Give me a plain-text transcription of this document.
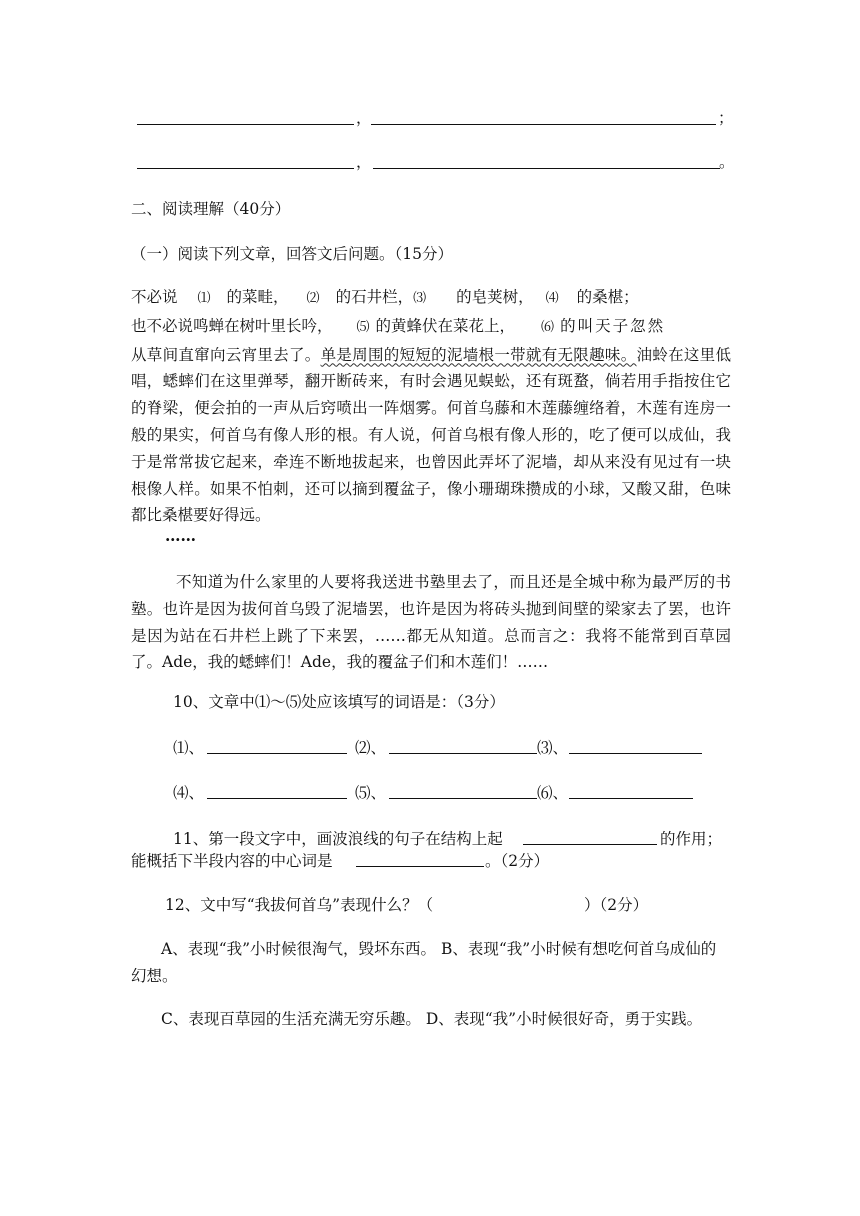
，	；
，	。
二、阅读理解（40分）
（一）阅读下列文章，回答文后问题。（15分）

不必说 ⑴ 的菜畦， ⑵ 的石井栏，⑶ 的皂荚树， ⑷ 的桑椹；

也不必说鸣蝉在树叶里长吟， ⑸ 的黄蜂伏在菜花上， ⑹ 的叫天子忽然

从草间直窜向云宵里去了。单是周围的短短的泥墙根一带就有无限趣味。油蛉在这里低唱，蟋蟀们在这里弹琴，翻开断砖来，有时会遇见蜈蚣，还有斑蝥，倘若用手指按住它的脊梁，便会拍的一声从后窍喷出一阵烟雾。何首乌藤和木莲藤缠络着，木莲有连房一般的果实，何首乌有像人形的根。有人说，何首乌根有像人形的，吃了便可以成仙，我于是常常拔它起来，牵连不断地拔起来，也曾因此弄坏了泥墙，却从来没有见过有一块根像人样。如果不怕刺，还可以摘到覆盆子，像小珊瑚珠攒成的小球，又酸又甜，色味都比桑椹要好得远。

……
不知道为什么家里的人要将我送进书塾里去了，而且还是全城中称为最严厉的书塾。也许是因为拔何首乌毁了泥墙罢，也许是因为将砖头抛到间壁的梁家去了罢，也许是因为站在石井栏上跳了下来罢，……都无从知道。总而言之：我将不能常到百草园了。Ade，我的蟋蟀们！Ade，我的覆盆子们和木莲们！……
10、文章中⑴～⑸处应该填写的词语是：（3分）
⑴、	⑵、	⑶、
⑷、	⑸、	⑹、
11、第一段文字中，画波浪线的句子在结构上起	的作用；
能概括下半段内容的中心词是	。（2分）
12、文中写“我拔何首乌”表现什么？（	）（2分）
A、表现“我”小时候很淘气，毁坏东西。 B、表现“我”小时候有想吃何首乌成仙的幻想。
C、表现百草园的生活充满无穷乐趣。 D、表现“我”小时候很好奇，勇于实践。
